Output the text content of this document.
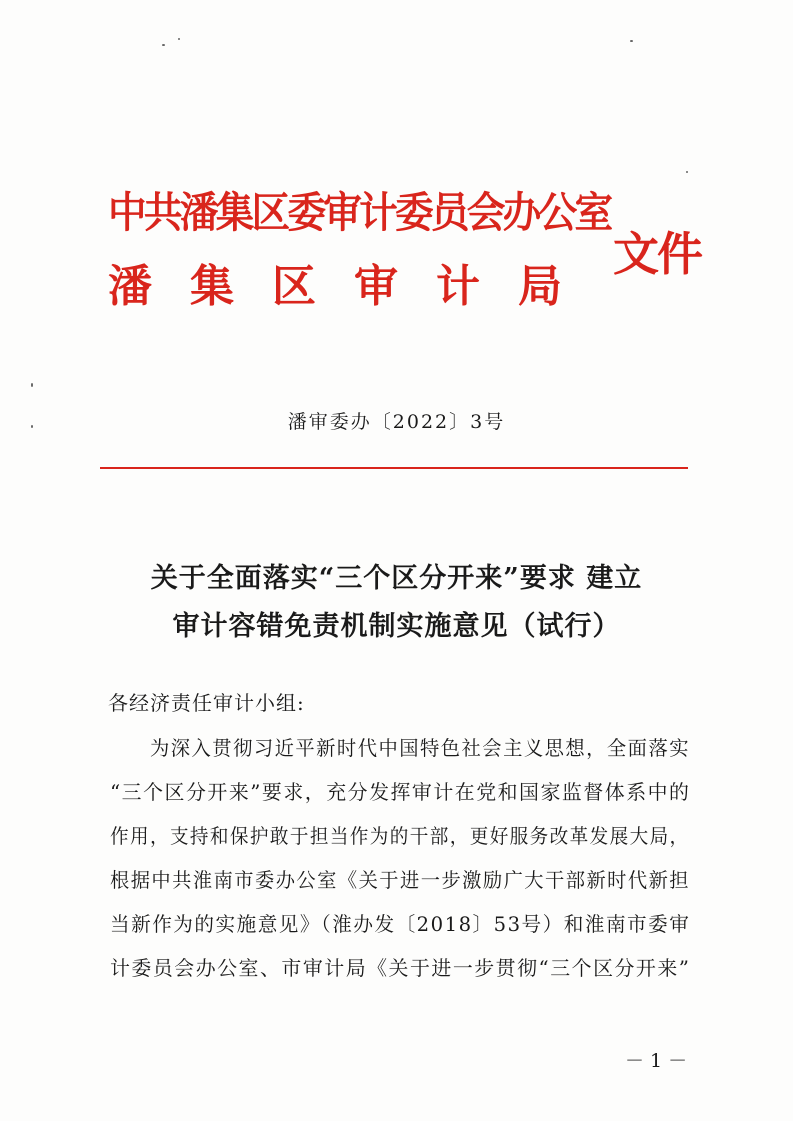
中共潘集区委审计委员会办公室
潘集区审计局
文件
潘审委办〔2022〕3号
关于全面落实“三个区分开来”要求 建立
审计容错免责机制实施意见（试行）
各经济责任审计小组:
为深入贯彻习近平新时代中国特色社会主义思想，全面落实
“三个区分开来”要求，充分发挥审计在党和国家监督体系中的
作用，支持和保护敢于担当作为的干部，更好服务改革发展大局，
根据中共淮南市委办公室《关于进一步激励广大干部新时代新担
当新作为的实施意见》（淮办发〔2018〕53号）和淮南市委审
计委员会办公室、市审计局《关于进一步贯彻“三个区分开来”
－1－
